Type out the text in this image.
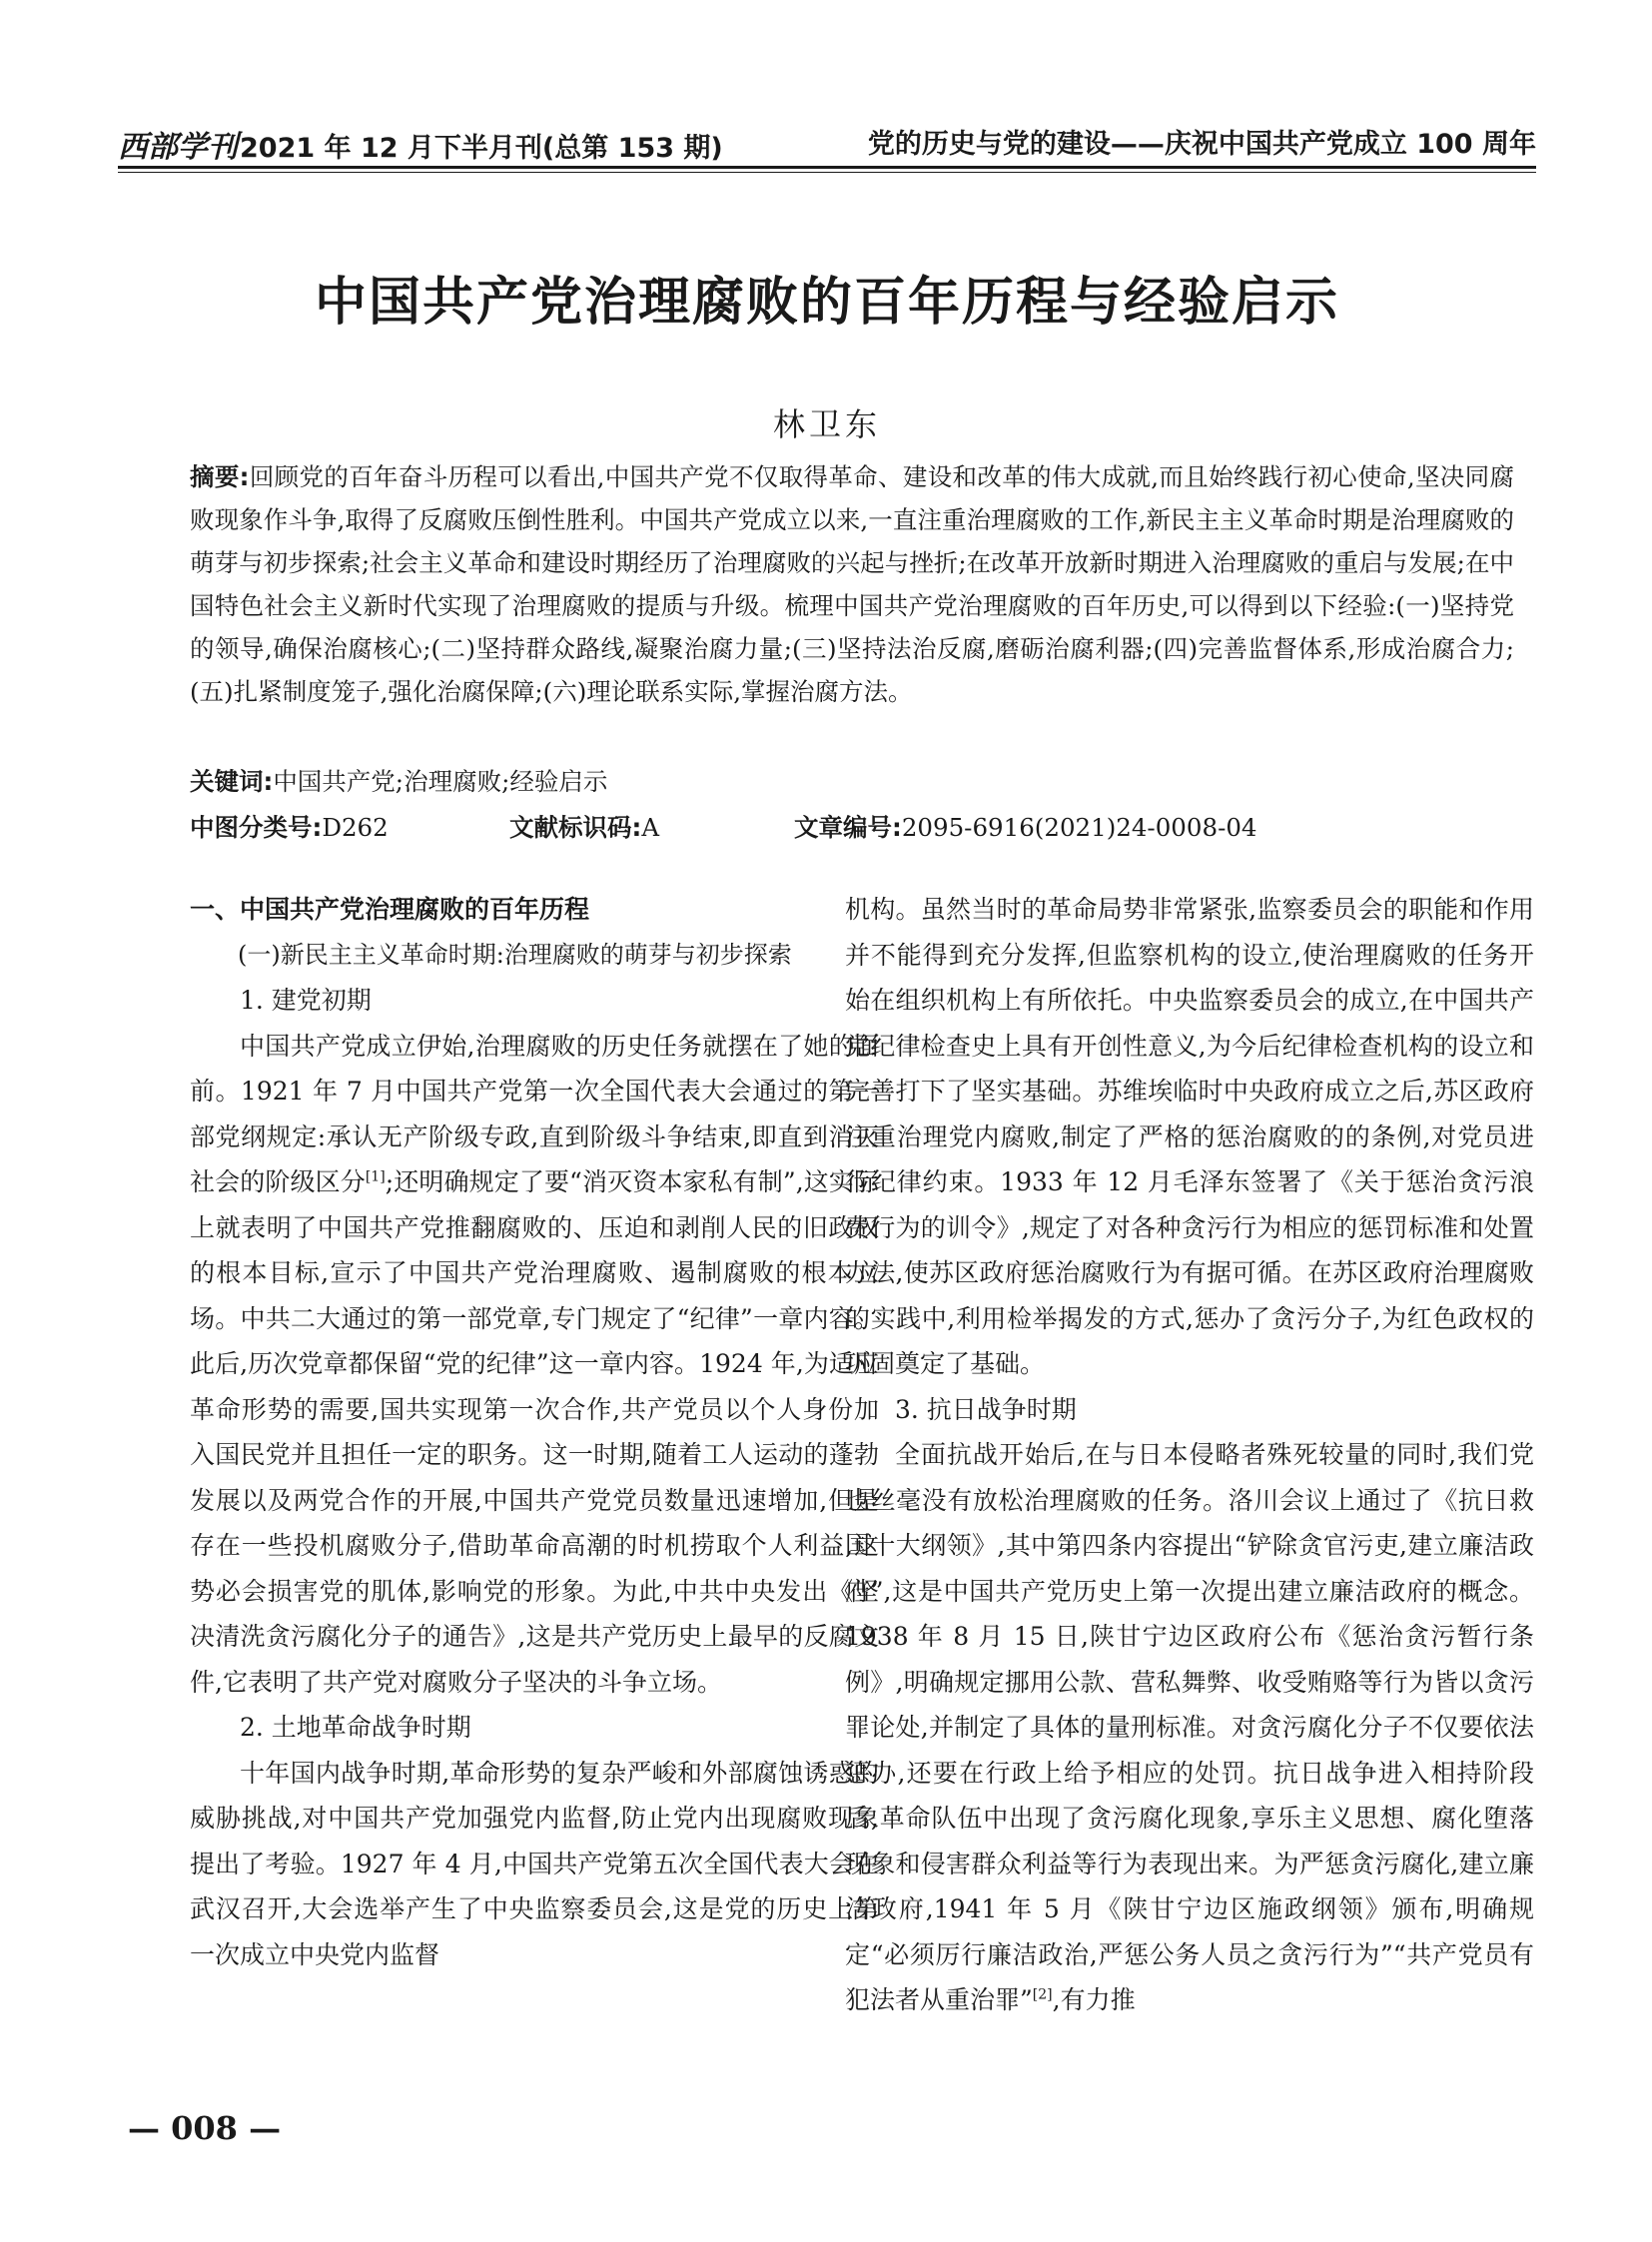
西部学刊2021 年 12 月下半月刊(总第 153 期)	党的历史与党的建设——庆祝中国共产党成立 100 周年
中国共产党治理腐败的百年历程与经验启示
林卫东
摘要:回顾党的百年奋斗历程可以看出,中国共产党不仅取得革命、建设和改革的伟大成就,而且始终践行初心使命,坚决同腐败现象作斗争,取得了反腐败压倒性胜利。中国共产党成立以来,一直注重治理腐败的工作,新民主主义革命时期是治理腐败的萌芽与初步探索;社会主义革命和建设时期经历了治理腐败的兴起与挫折;在改革开放新时期进入治理腐败的重启与发展;在中国特色社会主义新时代实现了治理腐败的提质与升级。梳理中国共产党治理腐败的百年历史,可以得到以下经验:(一)坚持党的领导,确保治腐核心;(二)坚持群众路线,凝聚治腐力量;(三)坚持法治反腐,磨砺治腐利器;(四)完善监督体系,形成治腐合力;(五)扎紧制度笼子,强化治腐保障;(六)理论联系实际,掌握治腐方法。
关键词:中国共产党;治理腐败;经验启示
中图分类号:D262	文献标识码:A	文章编号:2095-6916(2021)24-0008-04

一、中国共产党治理腐败的百年历程

(一)新民主主义革命时期:治理腐败的萌芽与初步探索

1. 建党初期

中国共产党成立伊始,治理腐败的历史任务就摆在了她的面前。1921 年 7 月中国共产党第一次全国代表大会通过的第一部党纲规定:承认无产阶级专政,直到阶级斗争结束,即直到消灭社会的阶级区分[1];还明确规定了要“消灭资本家私有制”,这实际上就表明了中国共产党推翻腐败的、压迫和剥削人民的旧政权的根本目标,宣示了中国共产党治理腐败、遏制腐败的根本立场。中共二大通过的第一部党章,专门规定了“纪律”一章内容。此后,历次党章都保留“党的纪律”这一章内容。1924 年,为适应革命形势的需要,国共实现第一次合作,共产党员以个人身份加入国民党并且担任一定的职务。这一时期,随着工人运动的蓬勃发展以及两党合作的开展,中国共产党党员数量迅速增加,但是存在一些投机腐败分子,借助革命高潮的时机捞取个人利益,这势必会损害党的肌体,影响党的形象。为此,中共中央发出《坚决清洗贪污腐化分子的通告》,这是共产党历史上最早的反腐文件,它表明了共产党对腐败分子坚决的斗争立场。

2. 土地革命战争时期

十年国内战争时期,革命形势的复杂严峻和外部腐蚀诱惑的威胁挑战,对中国共产党加强党内监督,防止党内出现腐败现象提出了考验。1927 年 4 月,中国共产党第五次全国代表大会在武汉召开,大会选举产生了中央监察委员会,这是党的历史上第一次成立中央党内监督

机构。虽然当时的革命局势非常紧张,监察委员会的职能和作用并不能得到充分发挥,但监察机构的设立,使治理腐败的任务开始在组织机构上有所依托。中央监察委员会的成立,在中国共产党纪律检查史上具有开创性意义,为今后纪律检查机构的设立和完善打下了坚实基础。苏维埃临时中央政府成立之后,苏区政府注重治理党内腐败,制定了严格的惩治腐败的的条例,对党员进行纪律约束。1933 年 12 月毛泽东签署了《关于惩治贪污浪费行为的训令》,规定了对各种贪污行为相应的惩罚标准和处置办法,使苏区政府惩治腐败行为有据可循。在苏区政府治理腐败的实践中,利用检举揭发的方式,惩办了贪污分子,为红色政权的巩固奠定了基础。

3. 抗日战争时期

全面抗战开始后,在与日本侵略者殊死较量的同时,我们党也丝毫没有放松治理腐败的任务。洛川会议上通过了《抗日救国十大纲领》,其中第四条内容提出“铲除贪官污吏,建立廉洁政府”,这是中国共产党历史上第一次提出建立廉洁政府的概念。1938 年 8 月 15 日,陕甘宁边区政府公布《惩治贪污暂行条例》,明确规定挪用公款、营私舞弊、收受贿赂等行为皆以贪污罪论处,并制定了具体的量刑标准。对贪污腐化分子不仅要依法惩办,还要在行政上给予相应的处罚。抗日战争进入相持阶段后,革命队伍中出现了贪污腐化现象,享乐主义思想、腐化堕落现象和侵害群众利益等行为表现出来。为严惩贪污腐化,建立廉洁政府,1941 年 5 月《陕甘宁边区施政纲领》颁布,明确规定“必须厉行廉洁政治,严惩公务人员之贪污行为”“共产党员有犯法者从重治罪”[2],有力推

— 008 —
